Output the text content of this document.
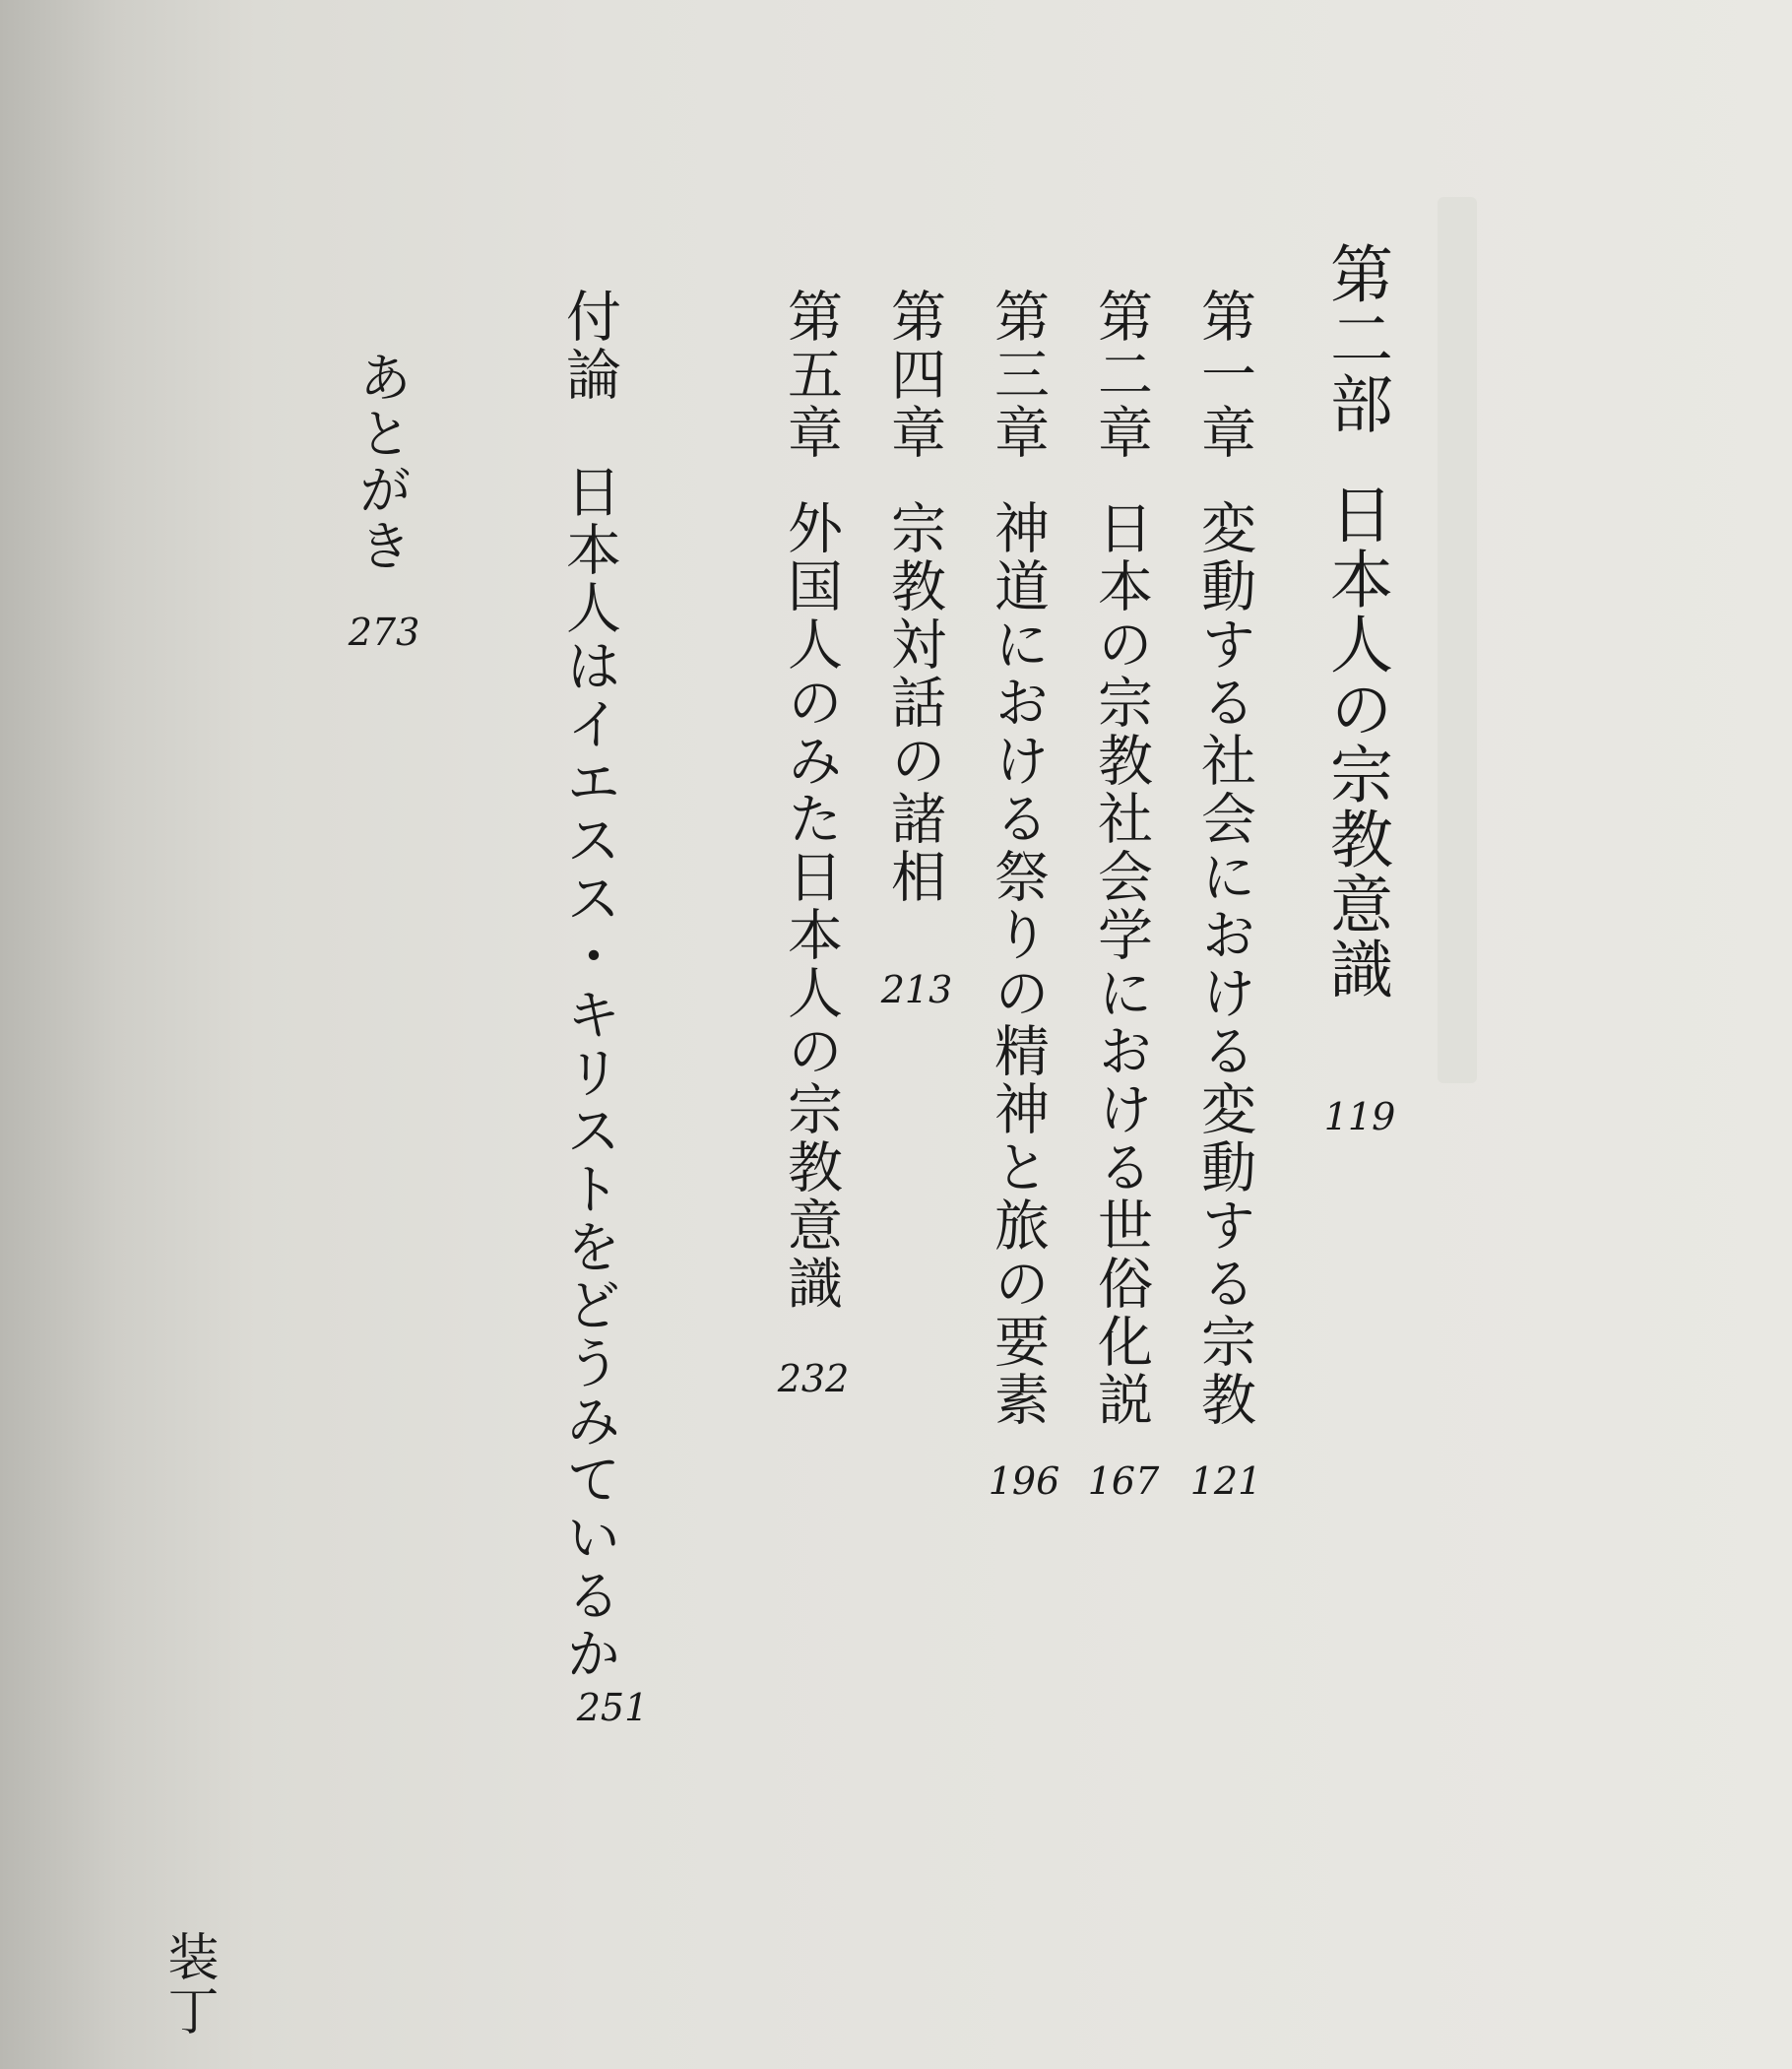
第二部日本人の宗教意識
119
第一章変動する社会における変動する宗教
121
第二章日本の宗教社会学における世俗化説
167
第三章神道における祭りの精神と旅の要素
196
第四章宗教対話の諸相
213
第五章外国人のみた日本人の宗教意識
232
付論日本人はイエスス・キリストをどうみているか
251
あとがき
273
装丁
